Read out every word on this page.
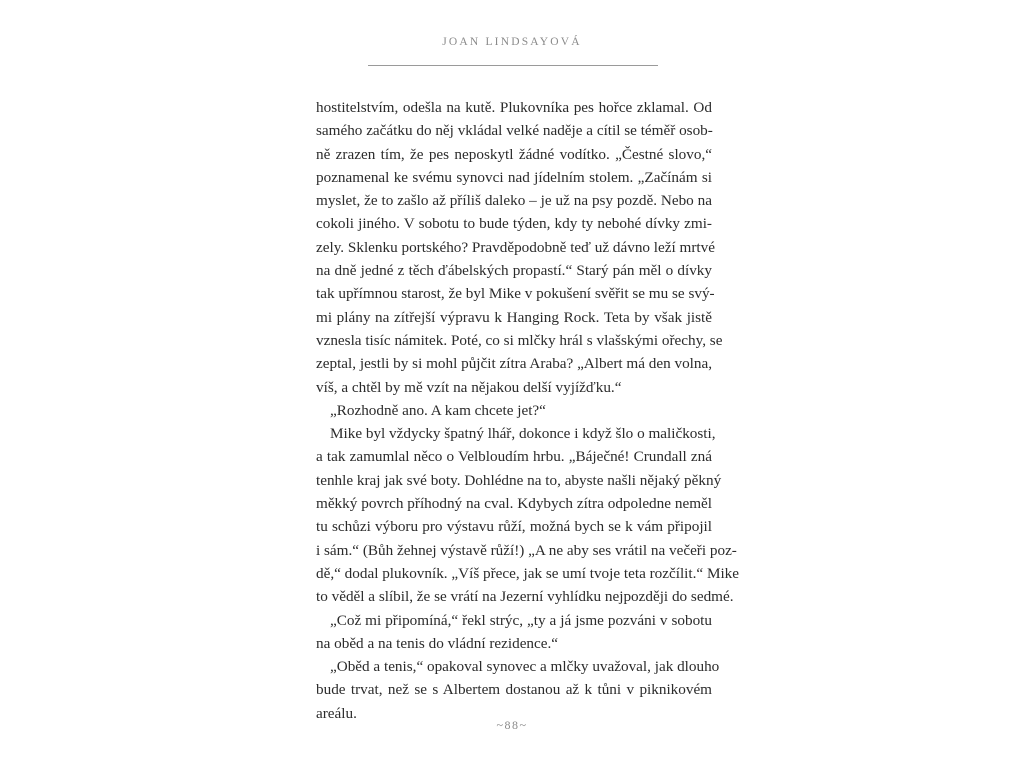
JOAN LINDSAYOVÁ
hostitelstvím, odešla na kutě. Plukovníka pes hořce zklamal. Od
samého začátku do něj vkládal velké naděje a cítil se téměř osob-
ně zrazen tím, že pes neposkytl žádné vodítko. „Čestné slovo,“
poznamenal ke svému synovci nad jídelním stolem. „Začínám si
myslet, že to zašlo až příliš daleko – je už na psy pozdě. Nebo na
cokoli jiného. V sobotu to bude týden, kdy ty nebohé dívky zmi-
zely. Sklenku portského? Pravděpodobně teď už dávno leží mrtvé
na dně jedné z těch ďábelských propastí.“ Starý pán měl o dívky
tak upřímnou starost, že byl Mike v pokušení svěřit se mu se svý-
mi plány na zítřejší výpravu k Hanging Rock. Teta by však jistě
vznesla tisíc námitek. Poté, co si mlčky hrál s vlašskými ořechy, se
zeptal, jestli by si mohl půjčit zítra Araba? „Albert má den volna,
víš, a chtěl by mě vzít na nějakou delší vyjížďku.“
„Rozhodně ano. A kam chcete jet?“
Mike byl vždycky špatný lhář, dokonce i když šlo o maličkosti,
a tak zamumlal něco o Velbloudím hrbu. „Báječné! Crundall zná
tenhle kraj jak své boty. Dohlédne na to, abyste našli nějaký pěkný
měkký povrch příhodný na cval. Kdybych zítra odpoledne neměl
tu schůzi výboru pro výstavu růží, možná bych se k vám připojil
i sám.“ (Bůh žehnej výstavě růží!) „A ne aby ses vrátil na večeři poz-
dě,“ dodal plukovník. „Víš přece, jak se umí tvoje teta rozčílit.“ Mike
to věděl a slíbil, že se vrátí na Jezerní vyhlídku nejpozději do sedmé.
„Což mi připomíná,“ řekl strýc, „ty a já jsme pozváni v sobotu
na oběd a na tenis do vládní rezidence.“
„Oběd a tenis,“ opakoval synovec a mlčky uvažoval, jak dlouho
bude trvat, než se s Albertem dostanou až k tůni v piknikovém
areálu.
~88~
